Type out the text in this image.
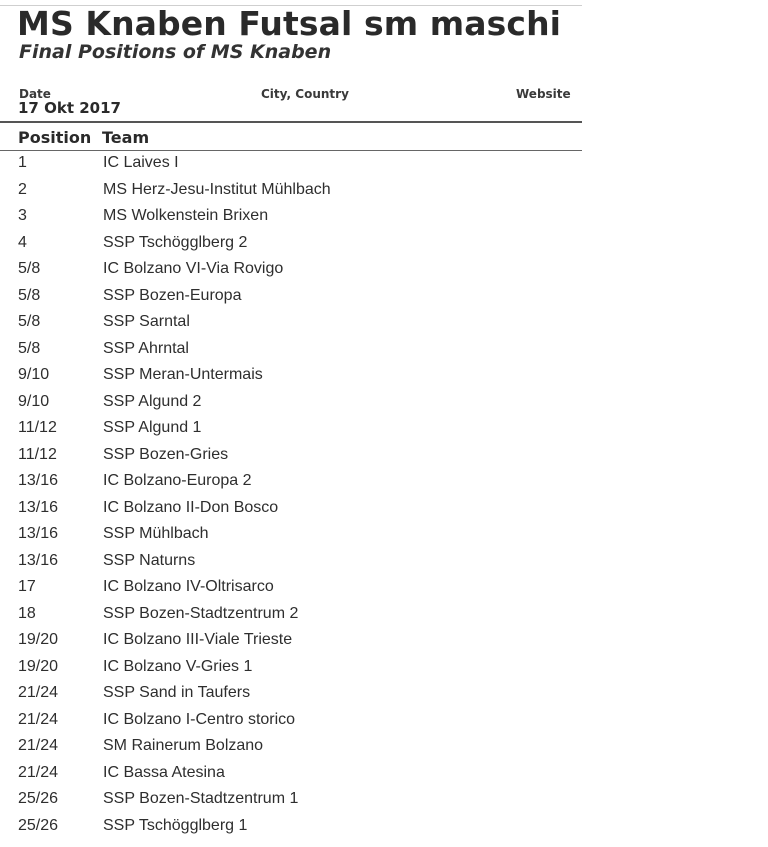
MS Knaben Futsal sm maschi
Final Positions of MS Knaben
Date	City, Country	Website
17 Okt 2017
Position Team
1	IC Laives I
2	MS Herz-Jesu-Institut Mühlbach
3	MS Wolkenstein Brixen
4	SSP Tschögglberg 2
5/8	IC Bolzano VI-Via Rovigo
5/8	SSP Bozen-Europa
5/8	SSP Sarntal
5/8	SSP Ahrntal
9/10	SSP Meran-Untermais
9/10	SSP Algund 2
11/12	SSP Algund 1
11/12	SSP Bozen-Gries
13/16	IC Bolzano-Europa 2
13/16	IC Bolzano II-Don Bosco
13/16	SSP Mühlbach
13/16	SSP Naturns
17	IC Bolzano IV-Oltrisarco
18	SSP Bozen-Stadtzentrum 2
19/20	IC Bolzano III-Viale Trieste
19/20	IC Bolzano V-Gries 1
21/24	SSP Sand in Taufers
21/24	IC Bolzano I-Centro storico
21/24	SM Rainerum Bolzano
21/24	IC Bassa Atesina
25/26	SSP Bozen-Stadtzentrum 1
25/26	SSP Tschögglberg 1
